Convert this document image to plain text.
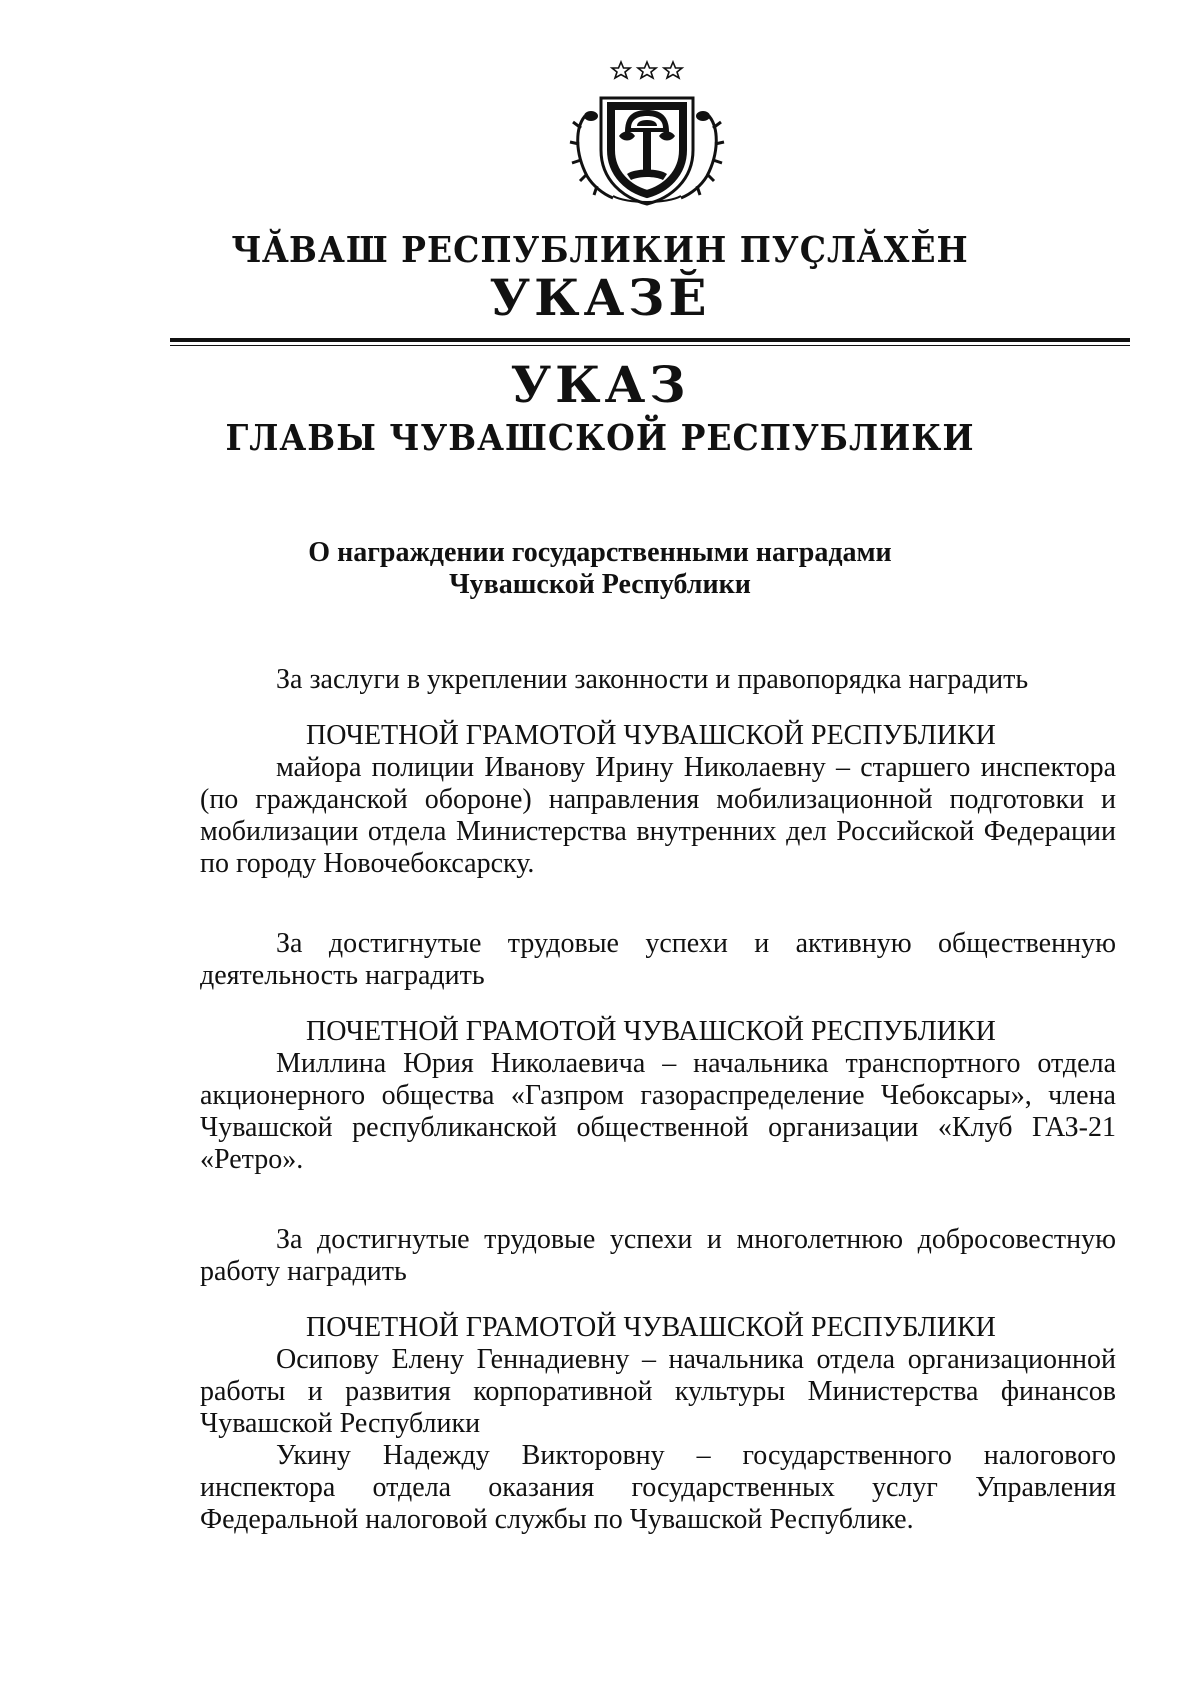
ЧĂВАШ РЕСПУБЛИКИН ПУÇЛĂХĔН
УКАЗĔ
УКАЗ
ГЛАВЫ ЧУВАШСКОЙ РЕСПУБЛИКИ
О награждении государственными наградами
Чувашской Республики

За заслуги в укреплении законности и правопорядка наградить

ПОЧЕТНОЙ ГРАМОТОЙ ЧУВАШСКОЙ РЕСПУБЛИКИ

майора полиции Иванову Ирину Николаевну – старшего инспектора (по гражданской обороне) направления мобилизационной подготовки и мобилизации отдела Министерства внутренних дел Российской Федерации по городу Новочебоксарску.

За достигнутые трудовые успехи и активную общественную деятельность наградить

ПОЧЕТНОЙ ГРАМОТОЙ ЧУВАШСКОЙ РЕСПУБЛИКИ

Миллина Юрия Николаевича – начальника транспортного отдела акционерного общества «Газпром газораспределение Чебоксары», члена Чувашской республиканской общественной организации «Клуб ГАЗ-21 «Ретро».

За достигнутые трудовые успехи и многолетнюю добросовестную работу наградить

ПОЧЕТНОЙ ГРАМОТОЙ ЧУВАШСКОЙ РЕСПУБЛИКИ

Осипову Елену Геннадиевну – начальника отдела организационной работы и развития корпоративной культуры Министерства финансов Чувашской Республики

Укину Надежду Викторовну – государственного налогового инспектора отдела оказания государственных услуг Управления Федеральной налоговой службы по Чувашской Республике.
